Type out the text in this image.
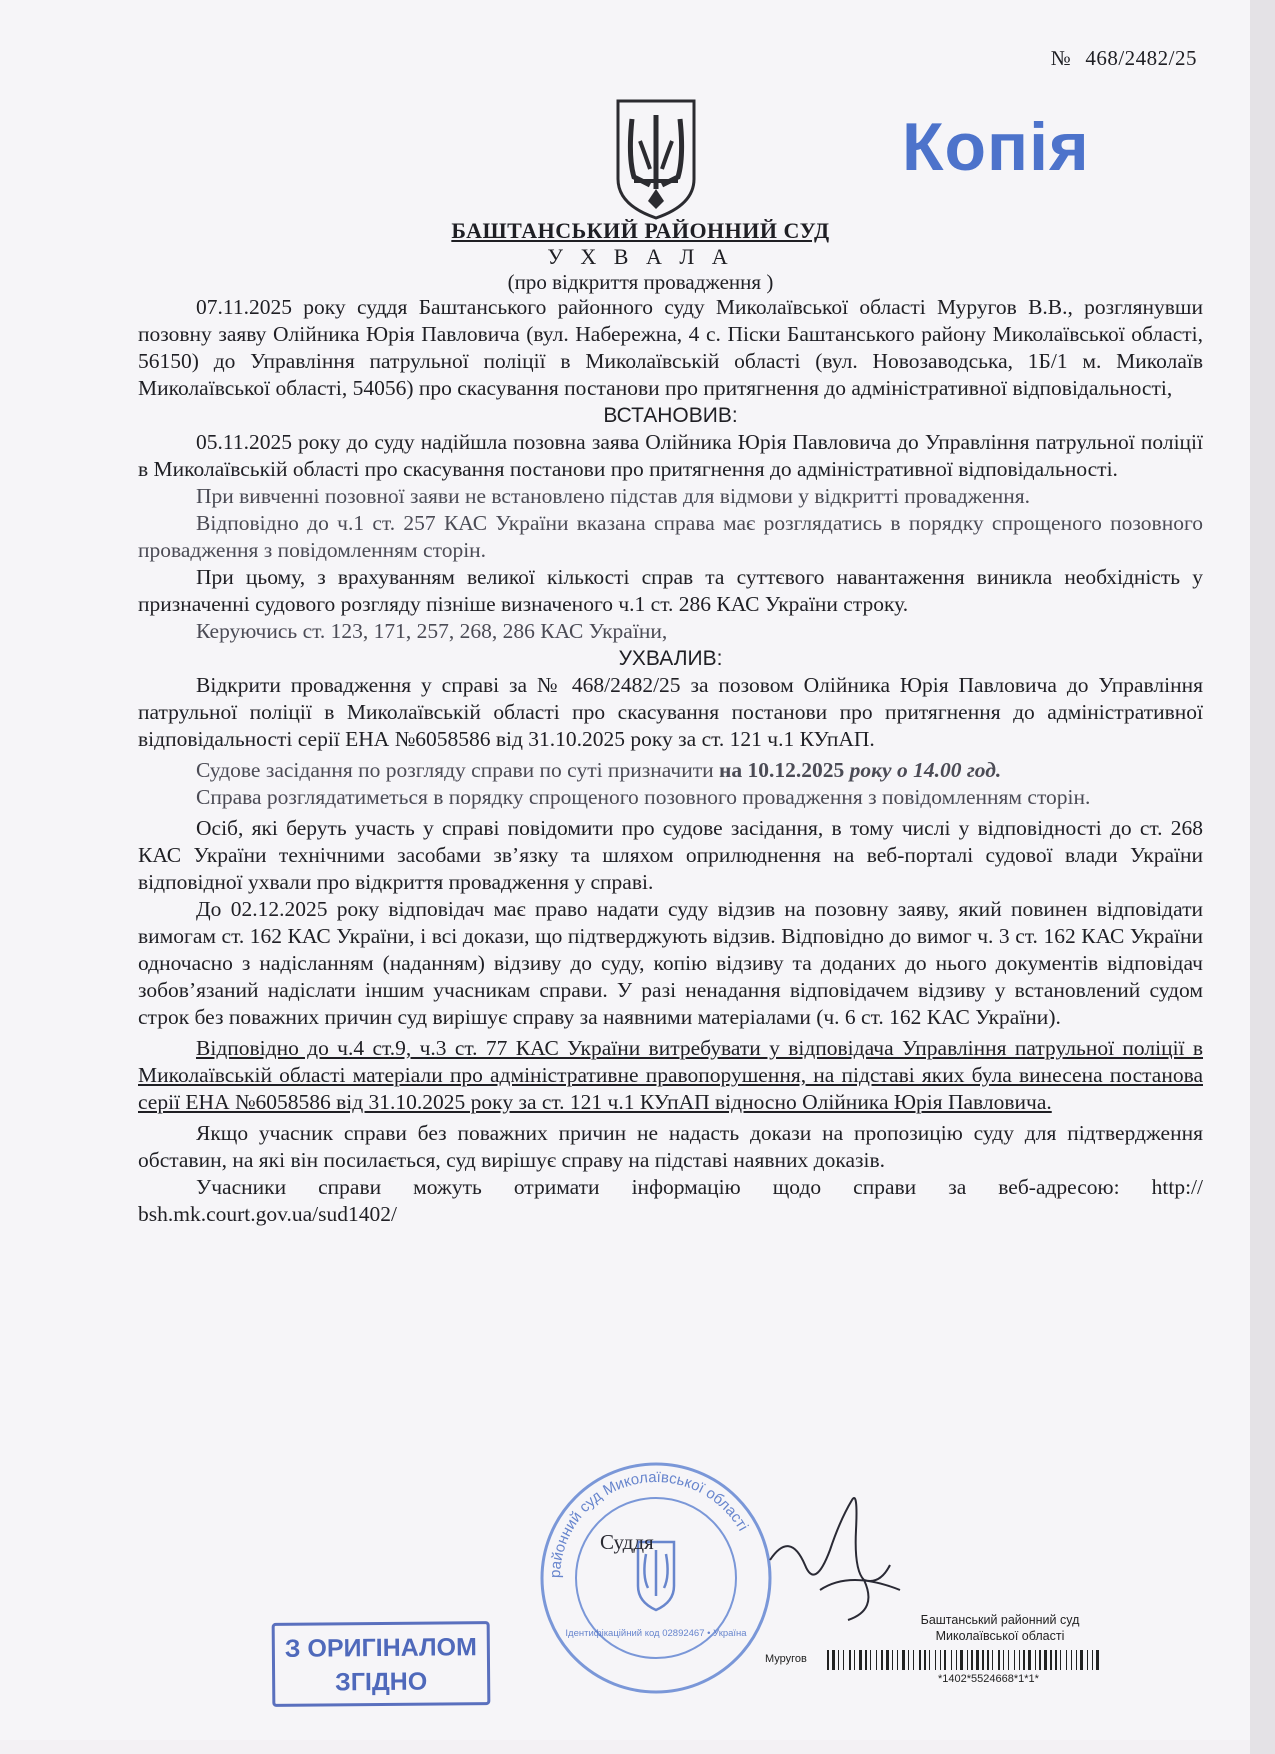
№ 468/2482/25
Копія
БАШТАНСЬКИЙ РАЙОННИЙ СУД
У Х В А Л А
(про відкриття провадження )

07.11.2025 року суддя Баштанського районного суду Миколаївської області Муругов В.В., розглянувши позовну заяву Олійника Юрія Павловича (вул. Набережна, 4 с. Піски Баштанського району Миколаївської області, 56150) до Управління патрульної поліції в Миколаївській області (вул. Новозаводська, 1Б/1 м. Миколаїв Миколаївської області, 54056) про скасування постанови про притягнення до адміністративної відповідальності,

ВСТАНОВИВ:

05.11.2025 року до суду надійшла позовна заява Олійника Юрія Павловича до Управління патрульної поліції в Миколаївській області про скасування постанови про притягнення до адміністративної відповідальності.

При вивченні позовної заяви не встановлено підстав для відмови у відкритті провадження.

Відповідно до ч.1 ст. 257 КАС України вказана справа має розглядатись в порядку спрощеного позовного провадження з повідомленням сторін.

При цьому, з врахуванням великої кількості справ та суттєвого навантаження виникла необхідність у призначенні судового розгляду пізніше визначеного ч.1 ст. 286 КАС України строку.

Керуючись ст. 123, 171, 257, 268, 286 КАС України,

УХВАЛИВ:

Відкрити провадження у справі за № 468/2482/25 за позовом Олійника Юрія Павловича до Управління патрульної поліції в Миколаївській області про скасування постанови про притягнення до адміністративної відповідальності серії ЕНА №6058586 від 31.10.2025 року за ст. 121 ч.1 КУпАП.

Судове засідання по розгляду справи по суті призначити на 10.12.2025 року о 14.00 год.

Справа розглядатиметься в порядку спрощеного позовного провадження з повідомленням сторін.

Осіб, які беруть участь у справі повідомити про судове засідання, в тому числі у відповідності до ст. 268 КАС України технічними засобами зв’язку та шляхом оприлюднення на веб-порталі судової влади України відповідної ухвали про відкриття провадження у справі.

До 02.12.2025 року відповідач має право надати суду відзив на позовну заяву, який повинен відповідати вимогам ст. 162 КАС України, і всі докази, що підтверджують відзив. Відповідно до вимог ч. 3 ст. 162 КАС України одночасно з надісланням (наданням) відзиву до суду, копію відзиву та доданих до нього документів відповідач зобов’язаний надіслати іншим учасникам справи. У разі ненадання відповідачем відзиву у встановлений судом строк без поважних причин суд вирішує справу за наявними матеріалами (ч. 6 ст. 162 КАС України).

Відповідно до ч.4 ст.9, ч.3 ст. 77 КАС України витребувати у відповідача Управління патрульної поліції в Миколаївській області матеріали про адміністративне правопорушення, на підставі яких була винесена постанова серії ЕНА №6058586 від 31.10.2025 року за ст. 121 ч.1 КУпАП відносно Олійника Юрія Павловича.

Якщо учасник справи без поважних причин не надасть докази на пропозицію суду для підтвердження обставин, на які він посилається, суд вирішує справу на підставі наявних доказів.

Учасники справи можуть отримати інформацію щодо справи за веб-адресою: http:// bsh.mk.court.gov.ua/sud1402/

районний суд Миколаївської області
Ідентифікаційний код 02892467 • Україна
Суддя
Баштанський районний суд
Миколаївської області
Муругов
*1402*5524668*1*1*
З ОРИГІНАЛОМ
ЗГІДНО
